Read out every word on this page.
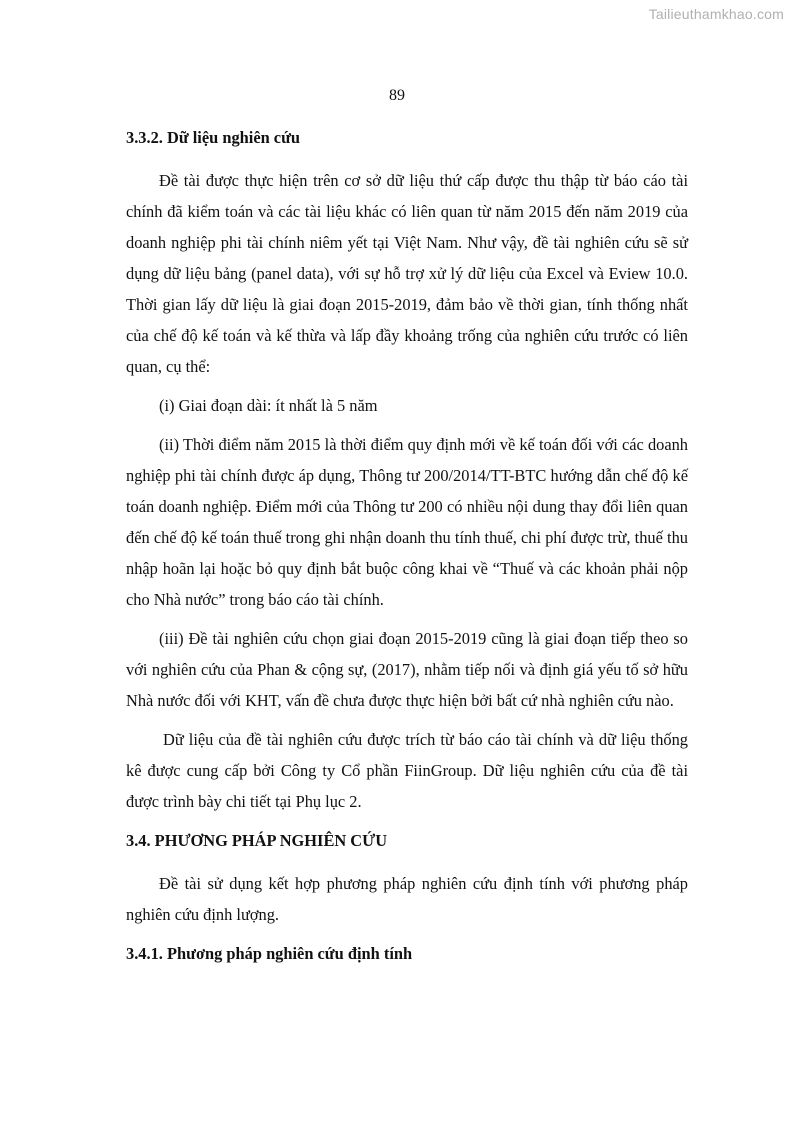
Tailieuthamkhao.com
89

3.3.2. Dữ liệu nghiên cứu

Đề tài được thực hiện trên cơ sở dữ liệu thứ cấp được thu thập từ báo cáo tài chính đã kiểm toán và các tài liệu khác có liên quan từ năm 2015 đến năm 2019 của doanh nghiệp phi tài chính niêm yết tại Việt Nam. Như vậy, đề tài nghiên cứu sẽ sử dụng dữ liệu bảng (panel data), với sự hỗ trợ xử lý dữ liệu của Excel và Eview 10.0. Thời gian lấy dữ liệu là giai đoạn 2015-2019, đảm bảo về thời gian, tính thống nhất của chế độ kế toán và kế thừa và lấp đầy khoảng trống của nghiên cứu trước có liên quan, cụ thể:

(i) Giai đoạn dài: ít nhất là 5 năm

(ii) Thời điểm năm 2015 là thời điểm quy định mới về kế toán đối với các doanh nghiệp phi tài chính được áp dụng, Thông tư 200/2014/TT-BTC hướng dẫn chế độ kế toán doanh nghiệp. Điểm mới của Thông tư 200 có nhiều nội dung thay đổi liên quan đến chế độ kế toán thuế trong ghi nhận doanh thu tính thuế, chi phí được trừ, thuế thu nhập hoãn lại hoặc bỏ quy định bắt buộc công khai về “Thuế và các khoản phải nộp cho Nhà nước” trong báo cáo tài chính.

(iii) Đề tài nghiên cứu chọn giai đoạn 2015-2019 cũng là giai đoạn tiếp theo so với nghiên cứu của Phan & cộng sự, (2017), nhằm tiếp nối và định giá yếu tố sở hữu Nhà nước đối với KHT, vấn đề chưa được thực hiện bởi bất cứ nhà nghiên cứu nào.

Dữ liệu của đề tài nghiên cứu được trích từ báo cáo tài chính và dữ liệu thống kê được cung cấp bởi Công ty Cổ phần FiinGroup. Dữ liệu nghiên cứu của đề tài được trình bày chi tiết tại Phụ lục 2.

3.4. PHƯƠNG PHÁP NGHIÊN CỨU

Đề tài sử dụng kết hợp phương pháp nghiên cứu định tính với phương pháp nghiên cứu định lượng.

3.4.1. Phương pháp nghiên cứu định tính
